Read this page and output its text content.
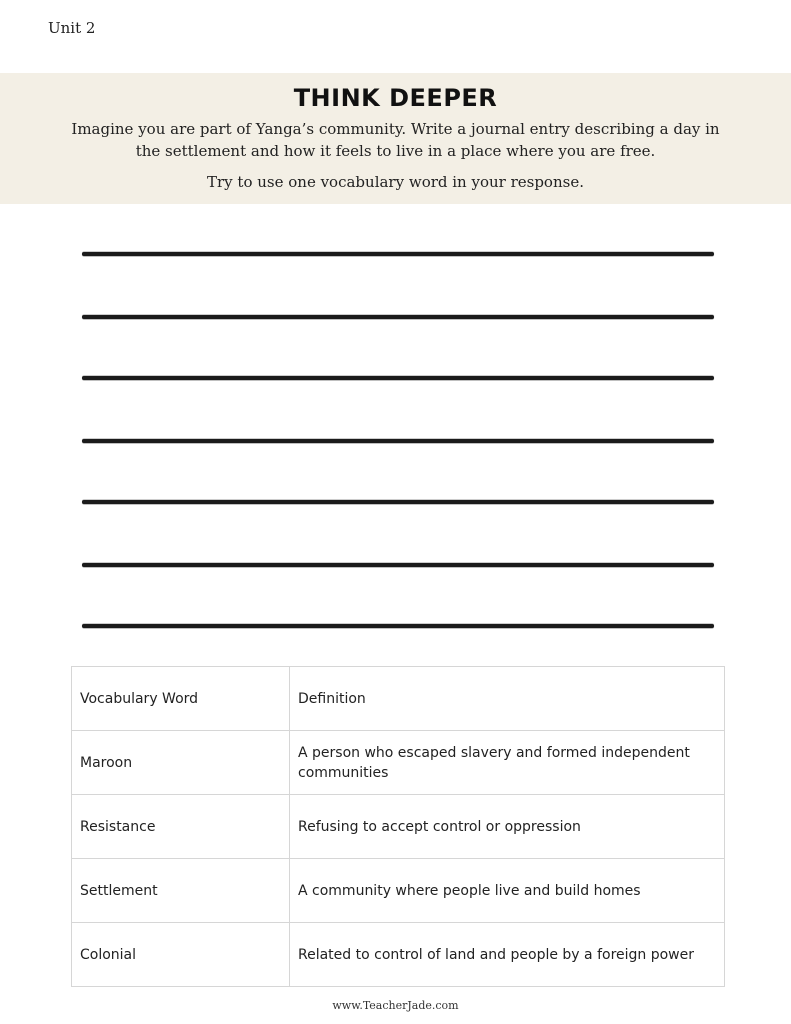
Unit 2
THINK DEEPER

Imagine you are part of Yanga’s community. Write a journal entry describing a day in the settlement and how it feels to live in a place where you are free.

Try to use one vocabulary word in your response.

Vocabulary Word	Definition
Maroon	A person who escaped slavery and formed independent communities
Resistance	Refusing to accept control or oppression
Settlement	A community where people live and build homes
Colonial	Related to control of land and people by a foreign power
www.TeacherJade.com
